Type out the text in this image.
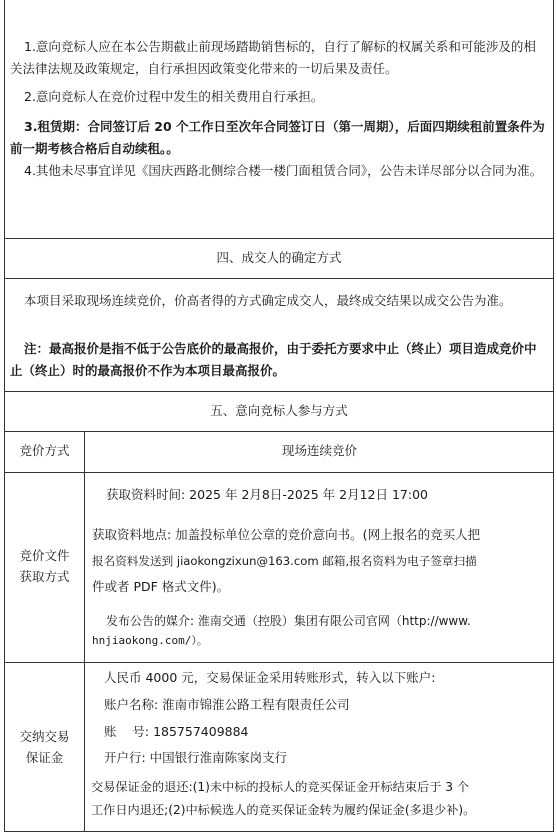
1.意向竞标人应在本公告期截止前现场踏勘销售标的，自行了解标的权属关系和可能涉及的相关法律法规及政策规定，自行承担因政策变化带来的一切后果及责任。
2.意向竞标人在竞价过程中发生的相关费用自行承担。
3.租赁期：合同签订后 20 个工作日至次年合同签订日（第一周期），后面四期续租前置条件为前一期考核合格后自动续租。。
4.其他未尽事宜详见《国庆西路北侧综合楼一楼门面租赁合同》，公告未详尽部分以合同为准。
四、成交人的确定方式
本项目采取现场连续竞价，价高者得的方式确定成交人，最终成交结果以成交公告为准。
注：最高报价是指不低于公告底价的最高报价，由于委托方要求中止（终止）项目造成竞价中止（终止）时的最高报价不作为本项目最高报价。
五、意向竞标人参与方式
竞价方式	现场连续竞价
竞价文件
获取方式
获取资料时间: 2025 年 2月8日-2025 年 2月12日 17:00
获取资料地点: 加盖投标单位公章的竞价意向书。(网上报名的竞买人把
报名资料发送到 jiaokongzixun@163.com 邮箱,报名资料为电子签章扫描
件或者 PDF 格式文件)。
发布公告的媒介: 淮南交通（控股）集团有限公司官网（http://www.
hnjiaokong.com/）。
交纳交易
保证金
人民币 4000 元，交易保证金采用转账形式，转入以下账户:
账户名称: 淮南市锦淮公路工程有限责任公司
账    号: 185757409884
开户行: 中国银行淮南陈家岗支行
交易保证金的退还:(1)未中标的投标人的竞买保证金开标结束后于 3 个
工作日内退还;(2)中标候选人的竞买保证金转为履约保证金(多退少补)。
